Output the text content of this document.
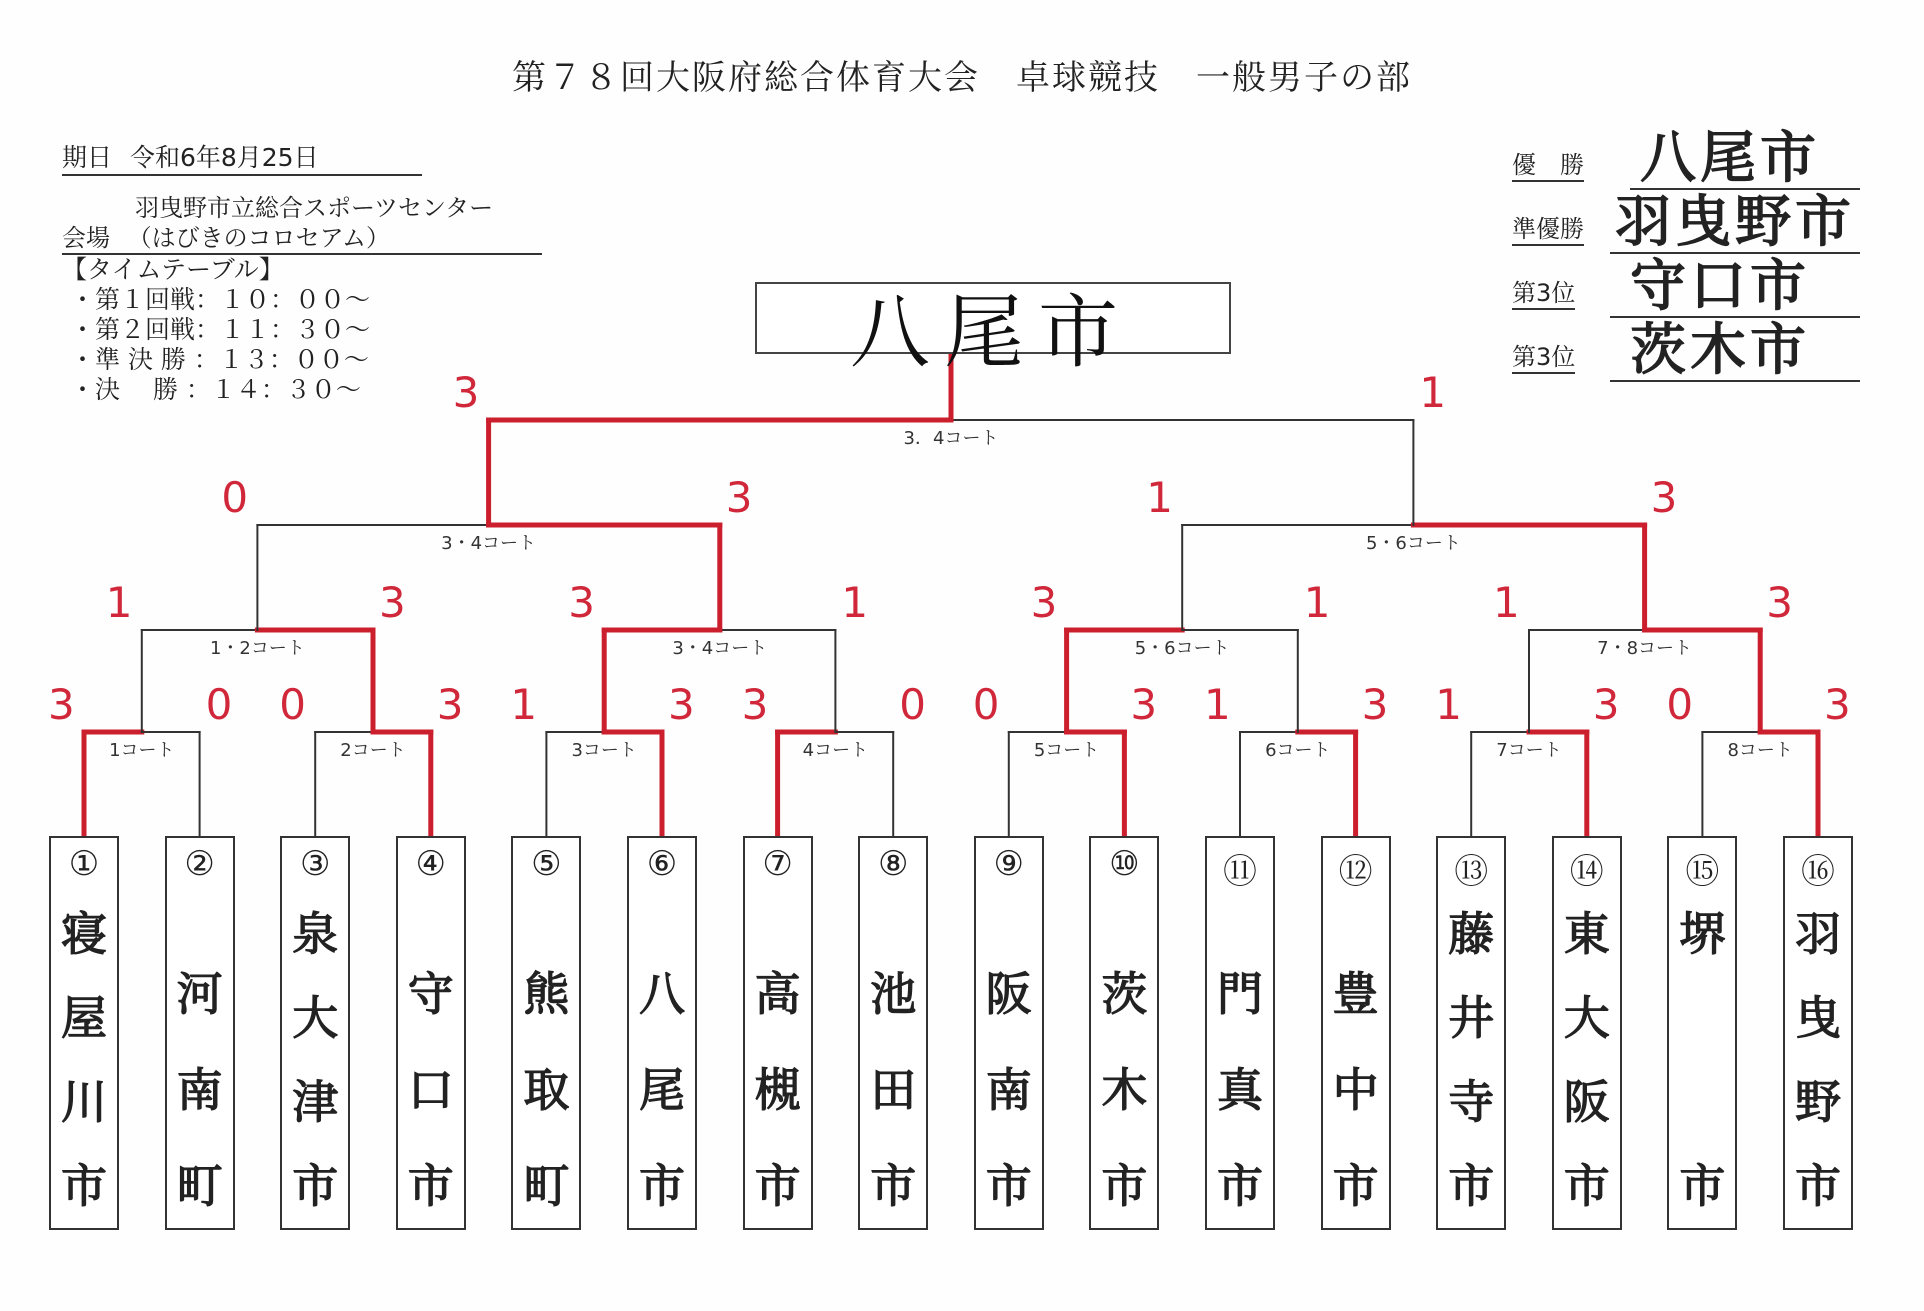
第７８回大阪府総合体育大会　卓球競技　一般男子の部
期日 令和6年8月25日
羽曳野市立総合スポーツセンター
会場 （はびきのコロセアム）
【タイムテーブル】
・第１回戦：１０：００〜
・第２回戦：１１：３０〜
・準 決 勝 ：１３：００〜
・決　 勝 ：１４：３０〜
優　勝 八尾市
準優勝 羽曳野市
第3位 守口市
第3位 茨木市
八尾市
3	0
1コート
0	3
2コート
1	3
3コート
3	0
4コート
0	3
5コート
1	3
6コート
1	3
7コート
0	3
8コート
1	3
1・2コート
3	1
3・4コート
3	1
5・6コート
1	3
7・8コート
0	3
3・4コート
1	3
5・6コート
3	1
3．4コート
①
寝
屋
川
市
②
河
南
町
③
泉
大
津
市
④
守
口
市
⑤
熊
取
町
⑥
八
尾
市
⑦
高
槻
市
⑧
池
田
市
⑨
阪
南
市
⑩
茨
木
市
⑪
門
真
市
⑫
豊
中
市
⑬
藤
井
寺
市
⑭
東
大
阪
市
⑮
堺
市
⑯
羽
曳
野
市
